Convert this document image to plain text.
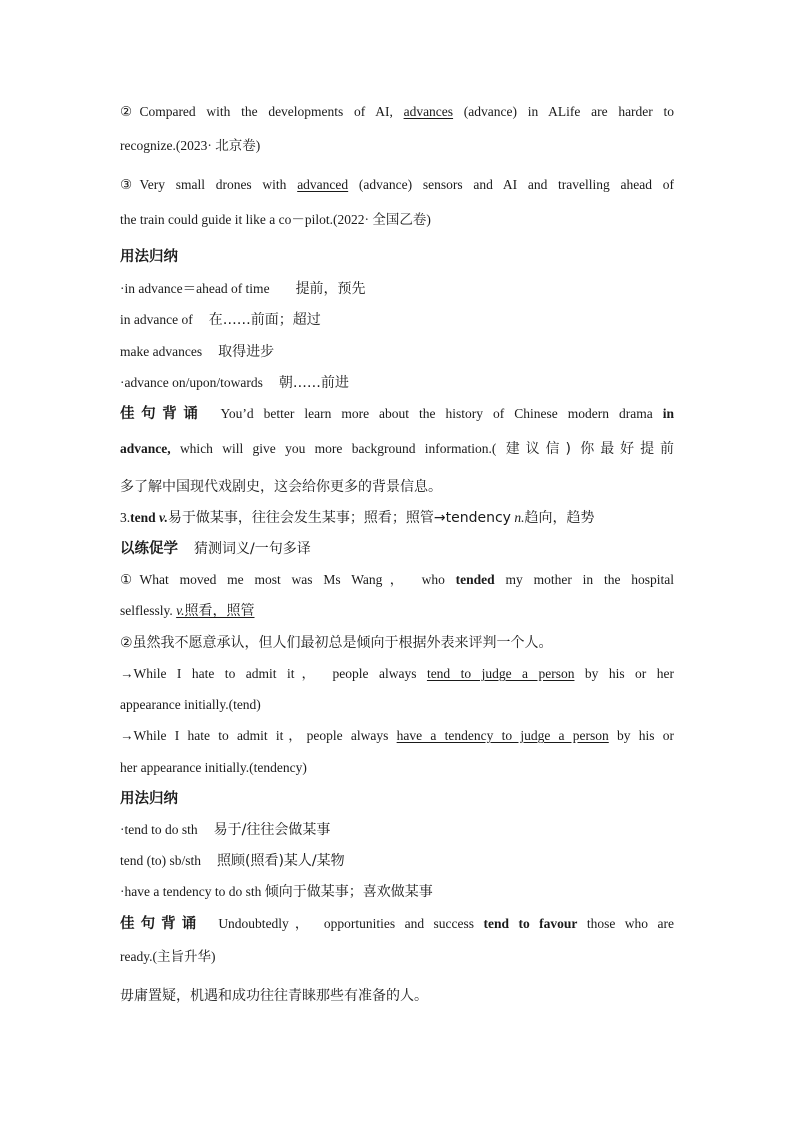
②Compared with the developments of AI, advances (advance) in ALife are harder to
recognize.(2023· 北京卷)
③Very small drones with advanced (advance) sensors and AI and travelling ahead of
the train could guide it like a co－pilot.(2022· 全国乙卷)
用法归纳
·in advance＝ahead of time 提前，预先
in advance of 在……前面；超过
make advances 取得进步
·advance on/upon/towards 朝……前进
佳句背诵 You’d better learn more about the history of Chinese modern drama in
advance, which will give you more background information.( 建议信) 你最好提前
多了解中国现代戏剧史，这会给你更多的背景信息。
3.tend v.易于做某事，往往会发生某事；照看；照管→tendency n.趋向，趋势
以练促学 猜测词义/一句多译
①What moved me most was Ms Wang， who tended my mother in the hospital
selflessly. v.照看，照管
②虽然我不愿意承认，但人们最初总是倾向于根据外表来评判一个人。
→While I hate to admit it， people always tend to judge a person by his or her
appearance initially.(tend)
→While I hate to admit it，people always have a tendency to judge a person by his or
her appearance initially.(tendency)
用法归纳
·tend to do sth 易于/往往会做某事
tend (to) sb/sth 照顾(照看)某人/某物
·have a tendency to do sth 倾向于做某事；喜欢做某事
佳句背诵 Undoubtedly， opportunities and success tend to favour those who are
ready.(主旨升华)
毋庸置疑，机遇和成功往往青睐那些有准备的人。
